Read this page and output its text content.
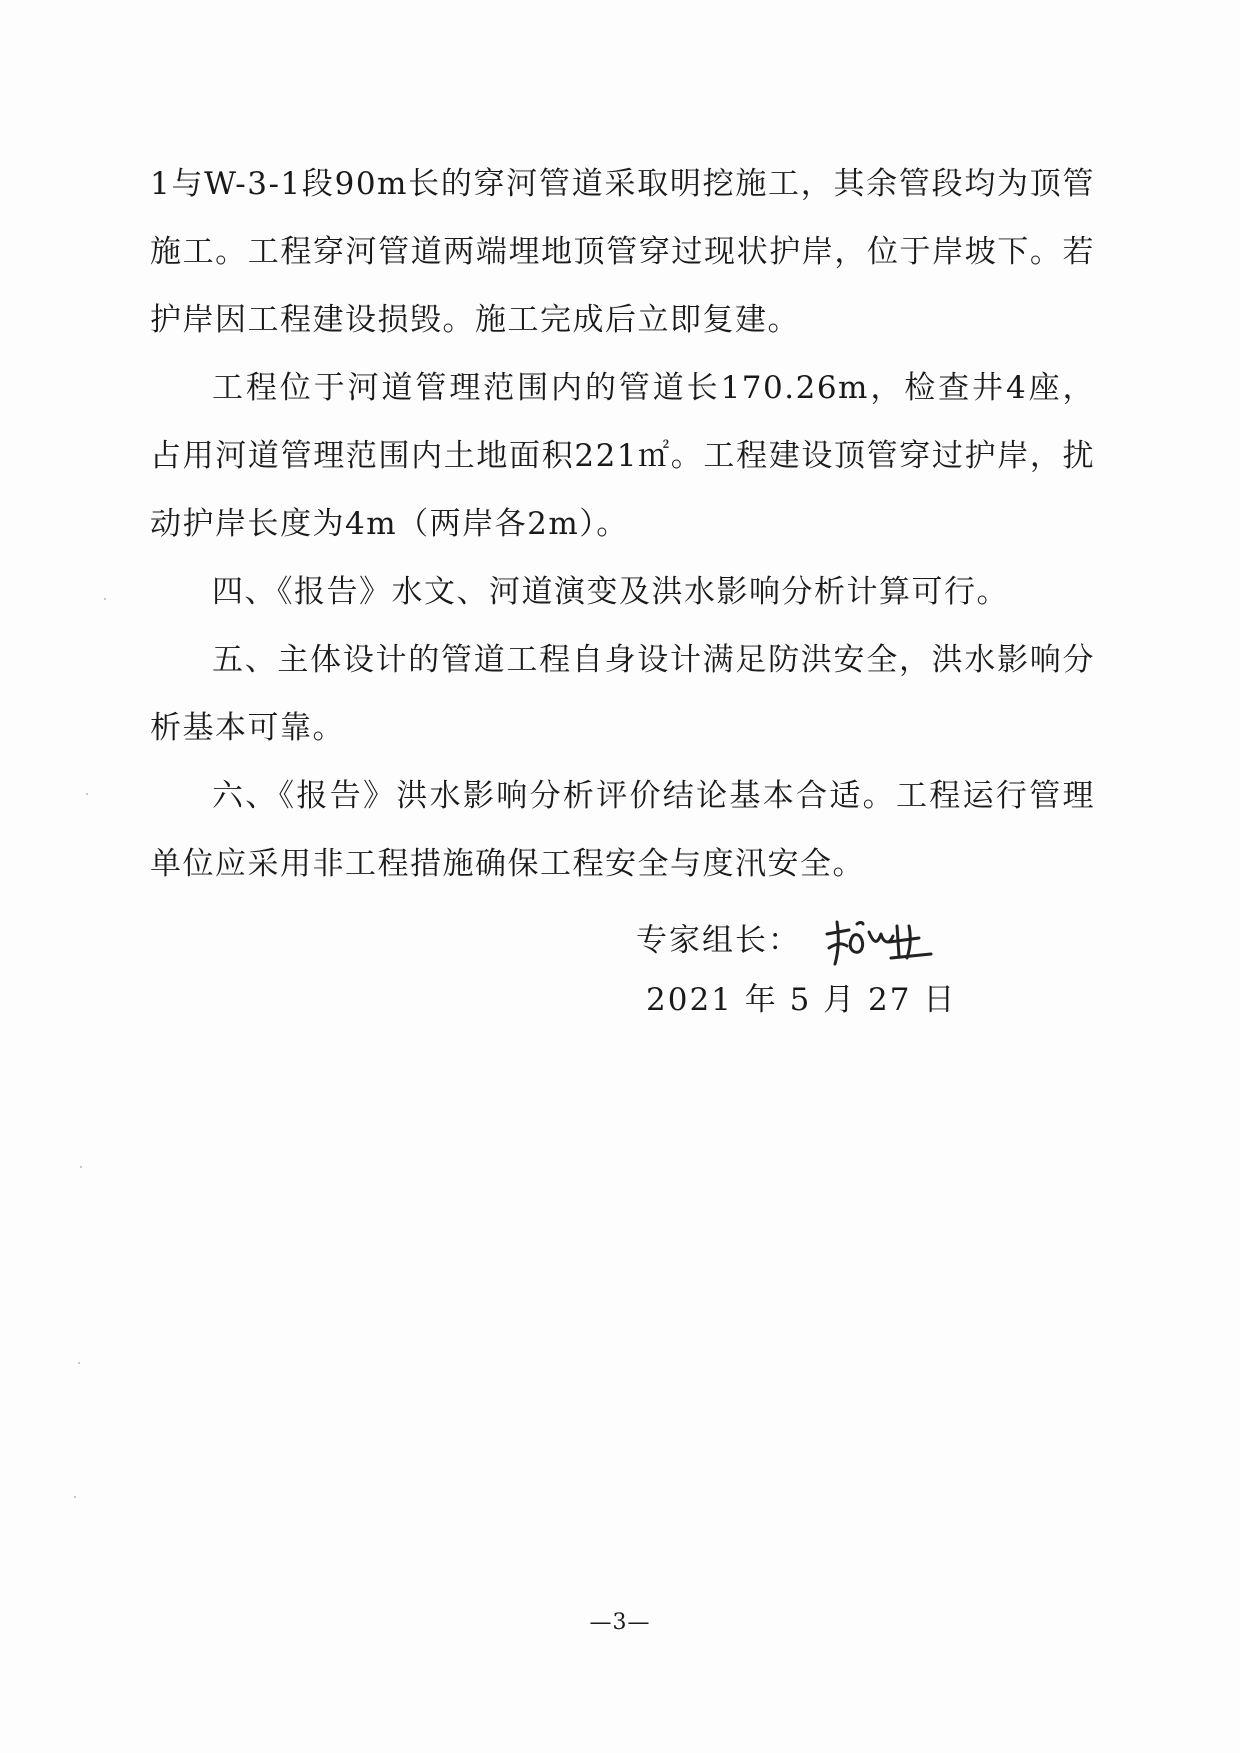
1与W-3-1段90m长的穿河管道采取明挖施工，其余管段均为顶管施工。工程穿河管道两端埋地顶管穿过现状护岸，位于岸坡下。若护岸因工程建设损毁。施工完成后立即复建。

工程位于河道管理范围内的管道长170.26m，检查井4座，占用河道管理范围内土地面积221㎡。工程建设顶管穿过护岸，扰动护岸长度为4m（两岸各2m）。

四、《报告》水文、河道演变及洪水影响分析计算可行。

五、主体设计的管道工程自身设计满足防洪安全，洪水影响分析基本可靠。

六、《报告》洪水影响分析评价结论基本合适。工程运行管理单位应采用非工程措施确保工程安全与度汛安全。

专家组长：
2021 年 5 月 27 日
—3—
